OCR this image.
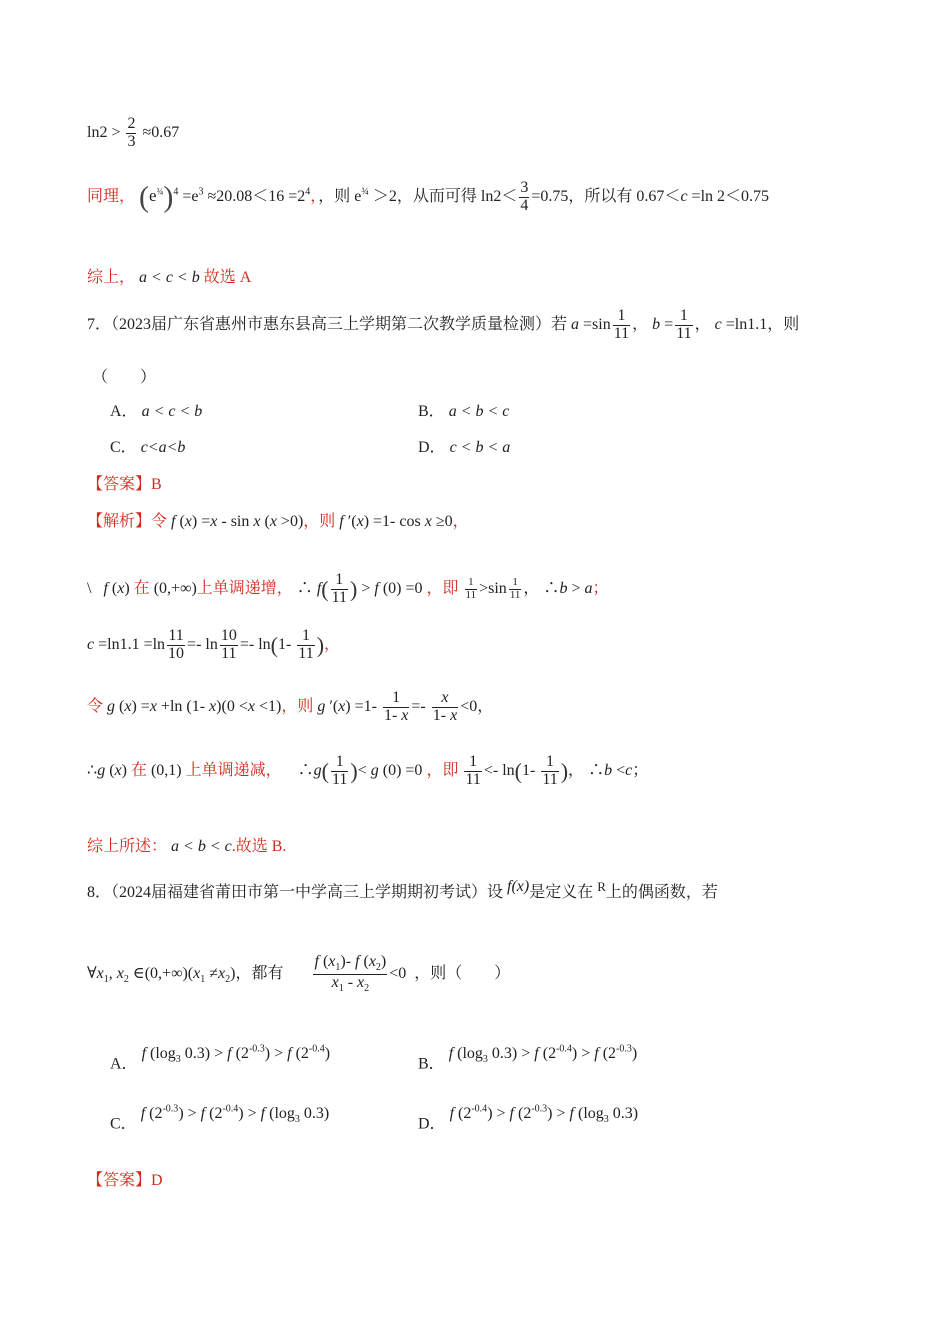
$\ln 2 > \frac{2}{3} \approx 0.67$
同理， $(e^{\frac{3}{4}})^4 =e^3 \approx 20.08<16 =2^4$，，则 $e^{\frac{3}{4}} >2$，从而可得 $\ln 2< \frac{3}{4} =0.75$，所以有 0.67＜c =ln 2＜0.75
综上， a < c < b 故选 A
7．（2023届广东省惠州市惠东县高三上学期第二次教学质量检测）若 $a =\sin \frac{1}{11}$ ， $b = \frac{1}{11}$ ， c =ln1.1，则
（　　）
A． a < c < b	B． a < b < c
C． c<a<b	D． c < b < a
【答案】B
【解析】令 f (x) =x - sin x (x >0)，则 f ′(x) =1- cos x ≥0，
\ f (x) 在 (0,+∞)上单调递增， ∴ $f( \frac{1}{11}$ ) > f (0) =0 ，即 $\frac{1}{11} >\sin \frac{1}{11}$ ， ∴b > a；
$c =\ln 1.1 =\ln \frac{11}{10} =- \ln \frac{10}{11} =- \ln(1- \frac{1}{11}$ )，
令 g (x) =x +ln (1- x)(0 <x <1)，则 g $'(x) =1- \frac{1}{1- x} =- \frac{x}{1- x} <0$，
∴g (x) 在 (0,1) 上单调递减， ∴g( $\frac{1}{11}$ )< g (0) =0 ，即 $\frac{1}{11} <- \ln(1- \frac{1}{11}$ )， ∴b <c；
综上所述： a < b < c.故选 B.
8．（2024届福建省莆田市第一中学高三上学期期初考试）设 f(x)是定义在 $^R$上的偶函数，若
$\forall x_1$, $x_2$ $\in(0,+\infty)(x_1 \ne x_2)$，都有 $\frac{f (x_1)- f (x_2)}{x_1 - x_2} <0$ ，则（　　）
A． f ($\log_3$ 0.3) > f $(2^{-0.3}) > f$ $(2^{-0.4})$
B． f ($\log_3$ 0.3) > f $(2^{-0.4}) > f$ $(2^{-0.3})$
C． f $(2^{-0.3}) > f$ $(2^{-0.4}) > f$ ($\log_3$ 0.3)
D． f $(2^{-0.4}) > f$ $(2^{-0.3}) > f$ ($\log_3$ 0.3)
【答案】D
